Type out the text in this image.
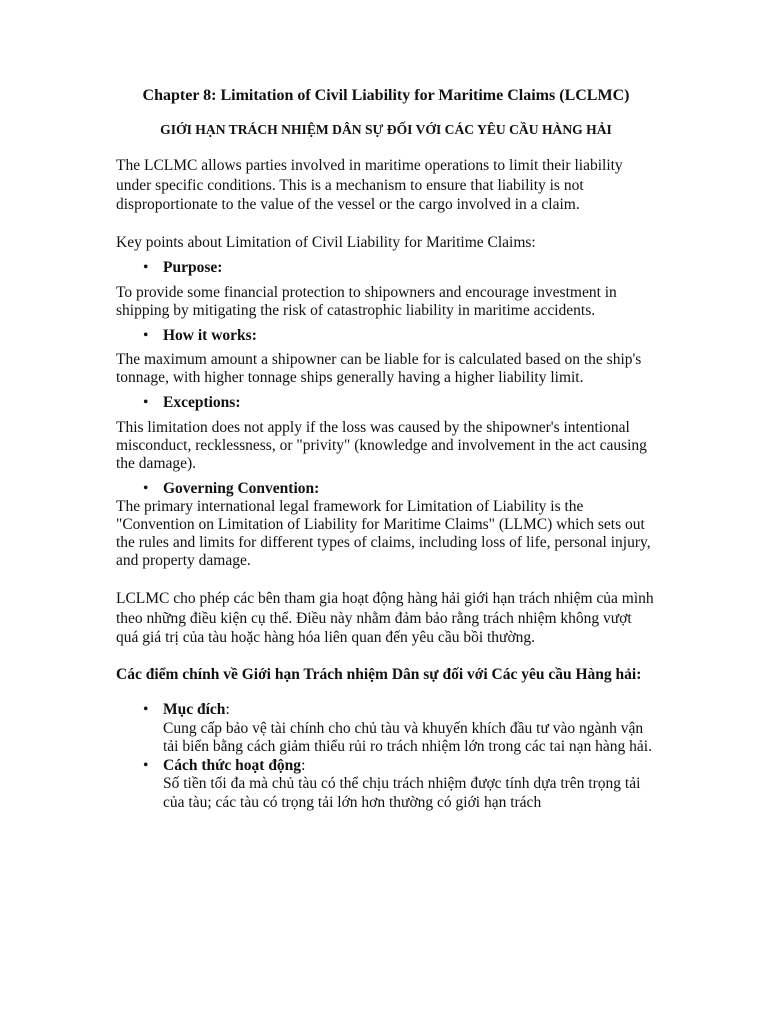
Chapter 8: Limitation of Civil Liability for Maritime Claims (LCLMC)
GIỚI HẠN TRÁCH NHIỆM DÂN SỰ ĐỐI VỚI CÁC YÊU CẦU HÀNG HẢI

The LCLMC allows parties involved in maritime operations to limit their liability under specific conditions. This is a mechanism to ensure that liability is not disproportionate to the value of the vessel or the cargo involved in a claim.

Key points about Limitation of Civil Liability for Maritime Claims:

• Purpose:

To provide some financial protection to shipowners and encourage investment in shipping by mitigating the risk of catastrophic liability in maritime accidents.

• How it works:

The maximum amount a shipowner can be liable for is calculated based on the ship's tonnage, with higher tonnage ships generally having a higher liability limit.

• Exceptions:

This limitation does not apply if the loss was caused by the shipowner's intentional misconduct, recklessness, or "privity" (knowledge and involvement in the act causing the damage).

• Governing Convention:

The primary international legal framework for Limitation of Liability is the "Convention on Limitation of Liability for Maritime Claims" (LLMC) which sets out the rules and limits for different types of claims, including loss of life, personal injury, and property damage.

LCLMC cho phép các bên tham gia hoạt động hàng hải giới hạn trách nhiệm của mình theo những điều kiện cụ thể. Điều này nhằm đảm bảo rằng trách nhiệm không vượt quá giá trị của tàu hoặc hàng hóa liên quan đến yêu cầu bồi thường.

Các điểm chính về Giới hạn Trách nhiệm Dân sự đối với Các yêu cầu Hàng hải:

• Mục đích:
Cung cấp bảo vệ tài chính cho chủ tàu và khuyến khích đầu tư vào ngành vận tải biển bằng cách giảm thiểu rủi ro trách nhiệm lớn trong các tai nạn hàng hải.
• Cách thức hoạt động:
Số tiền tối đa mà chủ tàu có thể chịu trách nhiệm được tính dựa trên trọng tải của tàu; các tàu có trọng tải lớn hơn thường có giới hạn trách
